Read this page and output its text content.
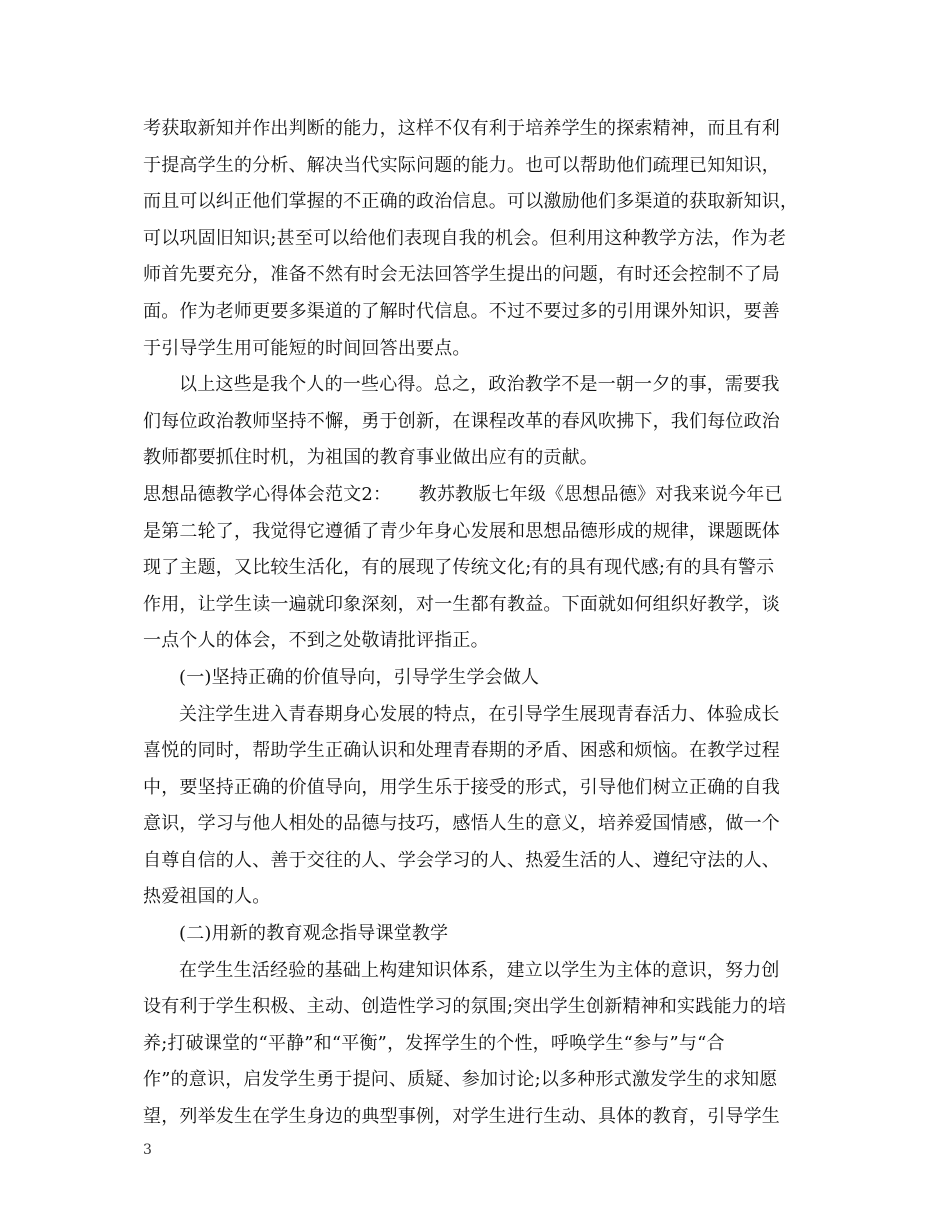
考获取新知并作出判断的能力，这样不仅有利于培养学生的探索精神，而且有利
于提高学生的分析、解决当代实际问题的能力。也可以帮助他们疏理已知知识，
而且可以纠正他们掌握的不正确的政治信息。可以激励他们多渠道的获取新知识，
可以巩固旧知识;甚至可以给他们表现自我的机会。但利用这种教学方法，作为老
师首先要充分，准备不然有时会无法回答学生提出的问题，有时还会控制不了局
面。作为老师更要多渠道的了解时代信息。不过不要过多的引用课外知识，要善
于引导学生用可能短的时间回答出要点。
以上这些是我个人的一些心得。总之，政治教学不是一朝一夕的事，需要我
们每位政治教师坚持不懈，勇于创新，在课程改革的春风吹拂下，我们每位政治
教师都要抓住时机，为祖国的教育事业做出应有的贡献。
思想品德教学心得体会范文2：　　教苏教版七年级《思想品德》对我来说今年已
是第二轮了，我觉得它遵循了青少年身心发展和思想品德形成的规律，课题既体
现了主题，又比较生活化，有的展现了传统文化;有的具有现代感;有的具有警示
作用，让学生读一遍就印象深刻，对一生都有教益。下面就如何组织好教学，谈
一点个人的体会，不到之处敬请批评指正。
(一)坚持正确的价值导向，引导学生学会做人
关注学生进入青春期身心发展的特点，在引导学生展现青春活力、体验成长
喜悦的同时，帮助学生正确认识和处理青春期的矛盾、困惑和烦恼。在教学过程
中，要坚持正确的价值导向，用学生乐于接受的形式，引导他们树立正确的自我
意识，学习与他人相处的品德与技巧，感悟人生的意义，培养爱国情感，做一个
自尊自信的人、善于交往的人、学会学习的人、热爱生活的人、遵纪守法的人、
热爱祖国的人。
(二)用新的教育观念指导课堂教学
在学生生活经验的基础上构建知识体系，建立以学生为主体的意识，努力创
设有利于学生积极、主动、创造性学习的氛围;突出学生创新精神和实践能力的培
养;打破课堂的“平静”和“平衡”，发挥学生的个性，呼唤学生“参与”与“合
作”的意识，启发学生勇于提问、质疑、参加讨论;以多种形式激发学生的求知愿
望，列举发生在学生身边的典型事例，对学生进行生动、具体的教育，引导学生
3
